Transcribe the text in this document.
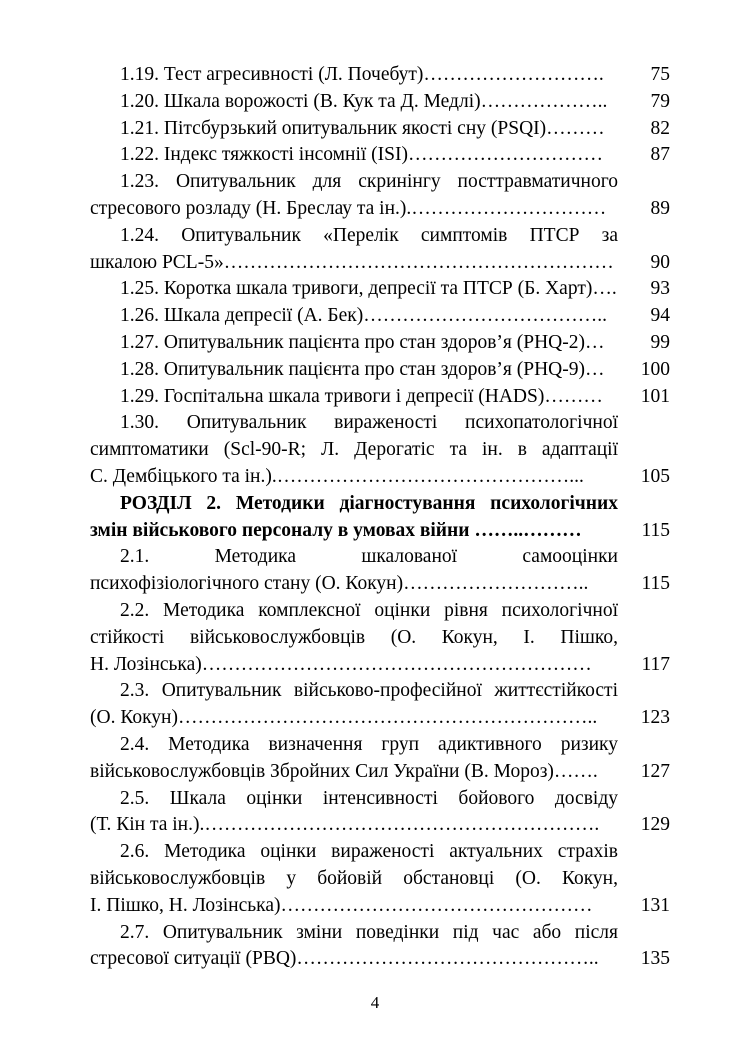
1.19. Тест агресивності (Л. Почебут)……………………….	75
1.20. Шкала ворожості (В. Кук та Д. Медлі)………………..	79
1.21. Пітсбурзький опитувальник якості сну (PSQI)………	82
1.22. Індекс тяжкості інсомнії (ISI)…………………………	87
1.23. Опитувальник для скринінгу посттравматичного
стресового розладу (Н. Бреслау та ін.).…………………………	89
1.24. Опитувальник «Перелік симптомів ПТСР за
шкалою PCL-5»……………………………………………………	90
1.25. Коротка шкала тривоги, депресії та ПТСР (Б. Харт)….	93
1.26. Шкала депресії (А. Бек)………………………………..	94
1.27. Опитувальник пацієнта про стан здоров’я (PHQ-2)…	99
1.28. Опитувальник пацієнта про стан здоров’я (PHQ-9)…	100
1.29. Госпітальна шкала тривоги і депресії (HADS)………	101
1.30. Опитувальник вираженості психопатологічної
симптоматики (Scl-90-R; Л. Дерогатіс та ін. в адаптації
С. Дембіцького та ін.).………………………………………...	105
РОЗДІЛ 2. Методики діагностування психологічних
змін військового персоналу в умовах війни ……..………	115
2.1. Методика шкалованої самооцінки
психофізіологічного стану (О. Кокун)………………………..	115
2.2. Методика комплексної оцінки рівня психологічної
стійкості військовослужбовців (О. Кокун, І. Пішко,
Н. Лозінська)……………………………………………………	117
2.3. Опитувальник військово-професійної життєстійкості
(О. Кокун)………………………………………………………..	123
2.4. Методика визначення груп адиктивного ризику
військовослужбовців Збройних Сил України (В. Мороз)…….	127
2.5. Шкала оцінки інтенсивності бойового досвіду
(Т. Кін та ін.).…………………………………………………….	129
2.6. Методика оцінки вираженості актуальних страхів
військовослужбовців у бойовій обстановці (О. Кокун,
І. Пішко, Н. Лозінська)…………………………………………	131
2.7. Опитувальник зміни поведінки під час або після
стресової ситуації (PBQ)………………………………………..	135
4
